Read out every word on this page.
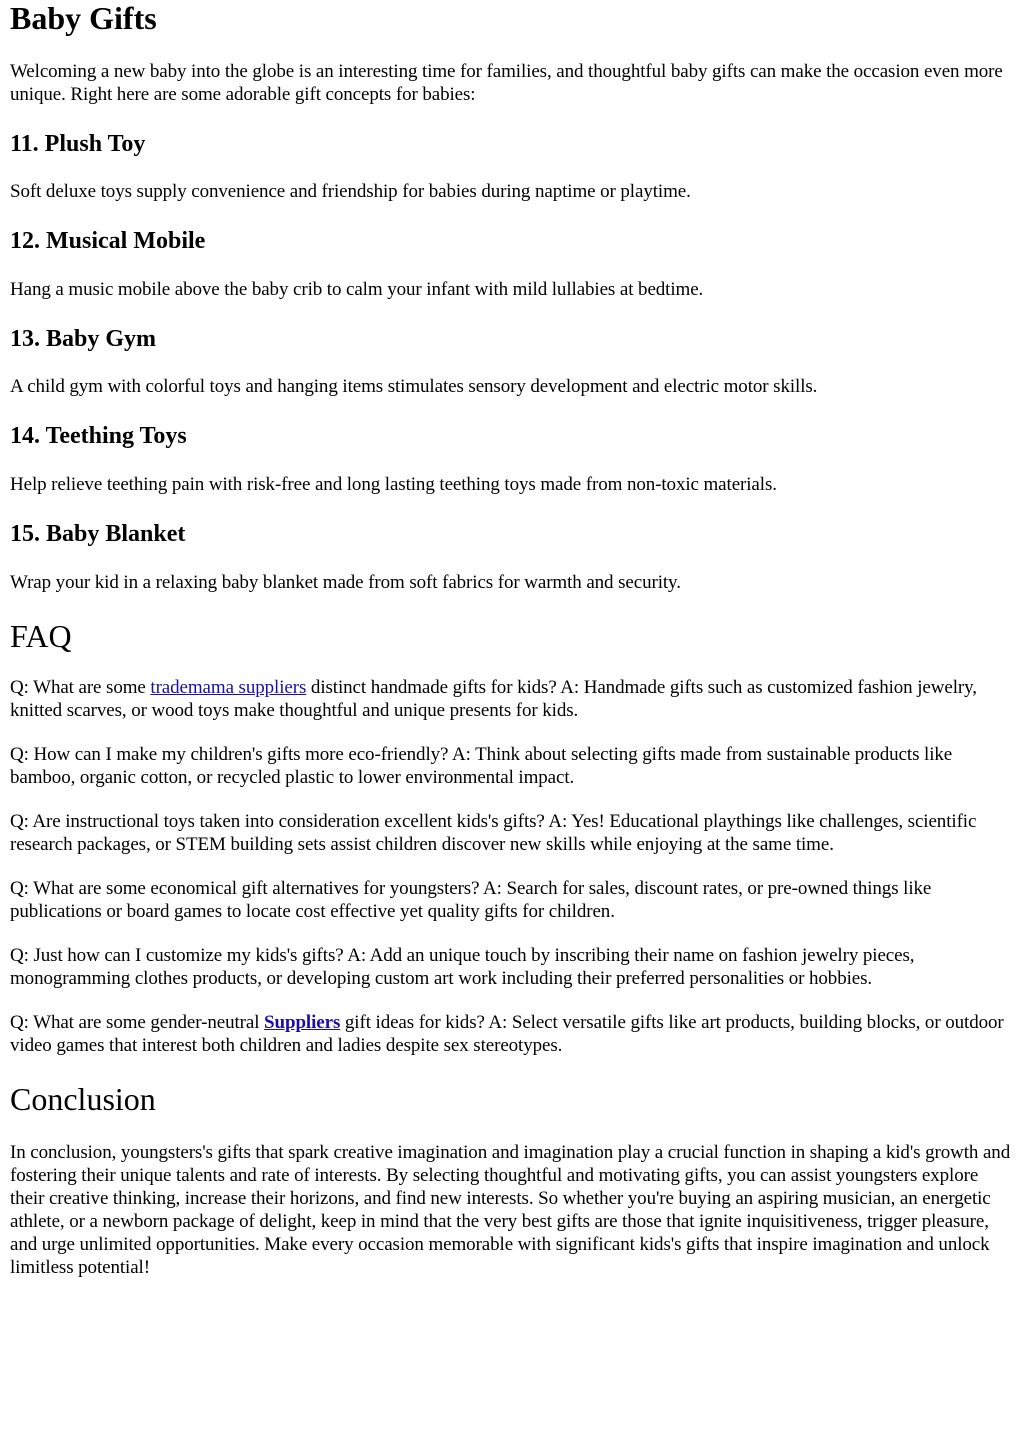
Baby Gifts

Welcoming a new baby into the globe is an interesting time for families, and thoughtful baby gifts can make the occasion even more unique. Right here are some adorable gift concepts for babies:

11. Plush Toy

Soft deluxe toys supply convenience and friendship for babies during naptime or playtime.

12. Musical Mobile

Hang a music mobile above the baby crib to calm your infant with mild lullabies at bedtime.

13. Baby Gym

A child gym with colorful toys and hanging items stimulates sensory development and electric motor skills.

14. Teething Toys

Help relieve teething pain with risk-free and long lasting teething toys made from non-toxic materials.

15. Baby Blanket

Wrap your kid in a relaxing baby blanket made from soft fabrics for warmth and security.

FAQ

Q: What are some trademama suppliers distinct handmade gifts for kids? A: Handmade gifts such as customized fashion jewelry, knitted scarves, or wood toys make thoughtful and unique presents for kids.

Q: How can I make my children's gifts more eco-friendly? A: Think about selecting gifts made from sustainable products like bamboo, organic cotton, or recycled plastic to lower environmental impact.

Q: Are instructional toys taken into consideration excellent kids's gifts? A: Yes! Educational playthings like challenges, scientific research packages, or STEM building sets assist children discover new skills while enjoying at the same time.

Q: What are some economical gift alternatives for youngsters? A: Search for sales, discount rates, or pre-owned things like publications or board games to locate cost effective yet quality gifts for children.

Q: Just how can I customize my kids's gifts? A: Add an unique touch by inscribing their name on fashion jewelry pieces, monogramming clothes products, or developing custom art work including their preferred personalities or hobbies.

Q: What are some gender-neutral Suppliers gift ideas for kids? A: Select versatile gifts like art products, building blocks, or outdoor video games that interest both children and ladies despite sex stereotypes.

Conclusion

In conclusion, youngsters's gifts that spark creative imagination and imagination play a crucial function in shaping a kid's growth and fostering their unique talents and rate of interests. By selecting thoughtful and motivating gifts, you can assist youngsters explore their creative thinking, increase their horizons, and find new interests. So whether you're buying an aspiring musician, an energetic athlete, or a newborn package of delight, keep in mind that the very best gifts are those that ignite inquisitiveness, trigger pleasure, and urge unlimited opportunities. Make every occasion memorable with significant kids's gifts that inspire imagination and unlock limitless potential!
